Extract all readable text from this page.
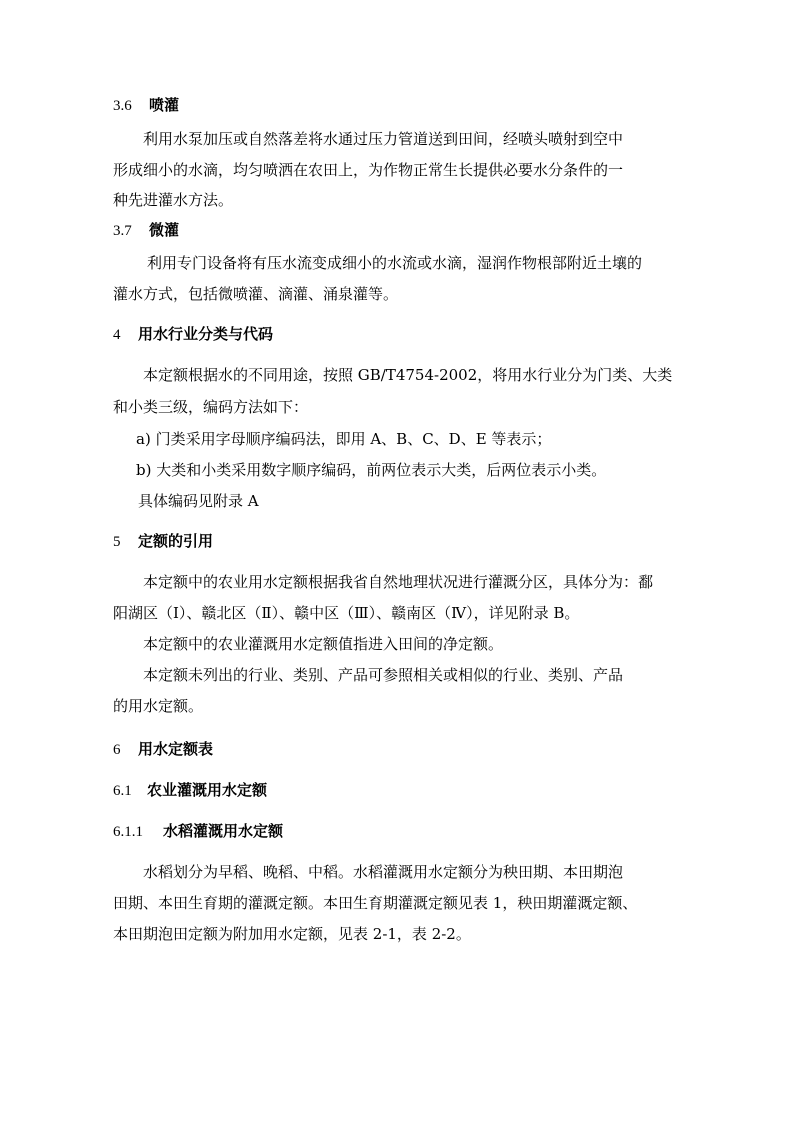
3.6 喷灌
利用水泵加压或自然落差将水通过压力管道送到田间，经喷头喷射到空中
形成细小的水滴，均匀喷洒在农田上，为作物正常生长提供必要水分条件的一
种先进灌水方法。
3.7 微灌
利用专门设备将有压水流变成细小的水流或水滴，湿润作物根部附近土壤的
灌水方式，包括微喷灌、滴灌、涌泉灌等。
4 用水行业分类与代码
本定额根据水的不同用途，按照 GB/T4754-2002，将用水行业分为门类、大类
和小类三级，编码方法如下：
a) 门类采用字母顺序编码法，即用 A、B、C、D、E 等表示；
b) 大类和小类采用数字顺序编码，前两位表示大类，后两位表示小类。
具体编码见附录 A
5 定额的引用
本定额中的农业用水定额根据我省自然地理状况进行灌溉分区，具体分为：鄱
阳湖区（Ⅰ）、赣北区（Ⅱ）、赣中区（Ⅲ）、赣南区（Ⅳ），详见附录 B。
本定额中的农业灌溉用水定额值指进入田间的净定额。
本定额未列出的行业、类别、产品可参照相关或相似的行业、类别、产品
的用水定额。
6 用水定额表
6.1 农业灌溉用水定额
6.1.1 水稻灌溉用水定额
水稻划分为早稻、晚稻、中稻。水稻灌溉用水定额分为秧田期、本田期泡
田期、本田生育期的灌溉定额。本田生育期灌溉定额见表 1，秧田期灌溉定额、
本田期泡田定额为附加用水定额，见表 2-1，表 2-2。
